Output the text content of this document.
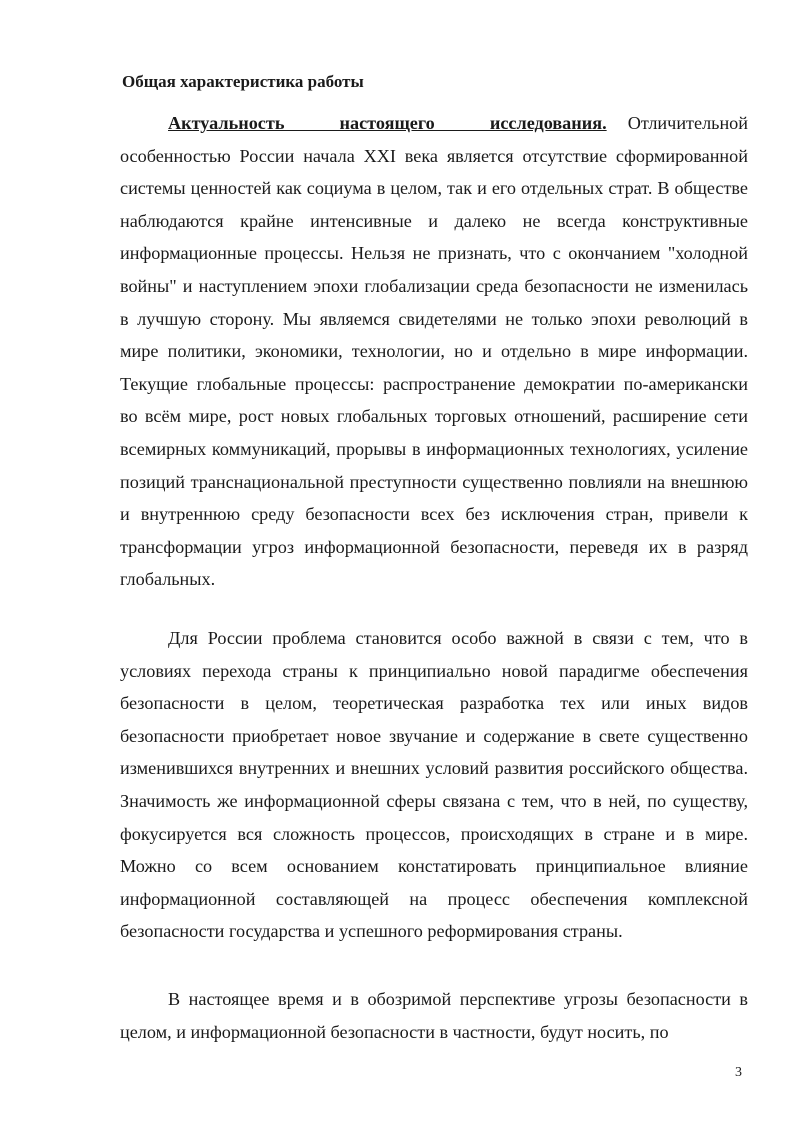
Общая характеристика работы

Актуальность настоящего исследования. Отличительной особенностью России начала XXI века является отсутствие сформированной системы ценностей как социума в целом, так и его отдельных страт. В обществе наблюдаются крайне интенсивные и далеко не всегда конструктивные информационные процессы. Нельзя не признать, что с окончанием "холодной войны" и наступлением эпохи глобализации среда безопасности не изменилась в лучшую сторону. Мы являемся свидетелями не только эпохи революций в мире политики, экономики, технологии, но и отдельно в мире информации. Текущие глобальные процессы: распространение демократии по-американски во всём мире, рост новых глобальных торговых отношений, расширение сети всемирных коммуникаций, прорывы в информационных технологиях, усиление позиций транснациональной преступности существенно повлияли на внешнюю и внутреннюю среду безопасности всех без исключения стран, привели к трансформации угроз информационной безопасности, переведя их в разряд глобальных.

Для России проблема становится особо важной в связи с тем, что в условиях перехода страны к принципиально новой парадигме обеспечения безопасности в целом, теоретическая разработка тех или иных видов безопасности приобретает новое звучание и содержание в свете существенно изменившихся внутренних и внешних условий развития российского общества. Значимость же информационной сферы связана с тем, что в ней, по существу, фокусируется вся сложность процессов, происходящих в стране и в мире. Можно со всем основанием констатировать принципиальное влияние информационной составляющей на процесс обеспечения комплексной безопасности государства и успешного реформирования страны.

В настоящее время и в обозримой перспективе угрозы безопасности в целом, и информационной безопасности в частности, будут носить, по

3
